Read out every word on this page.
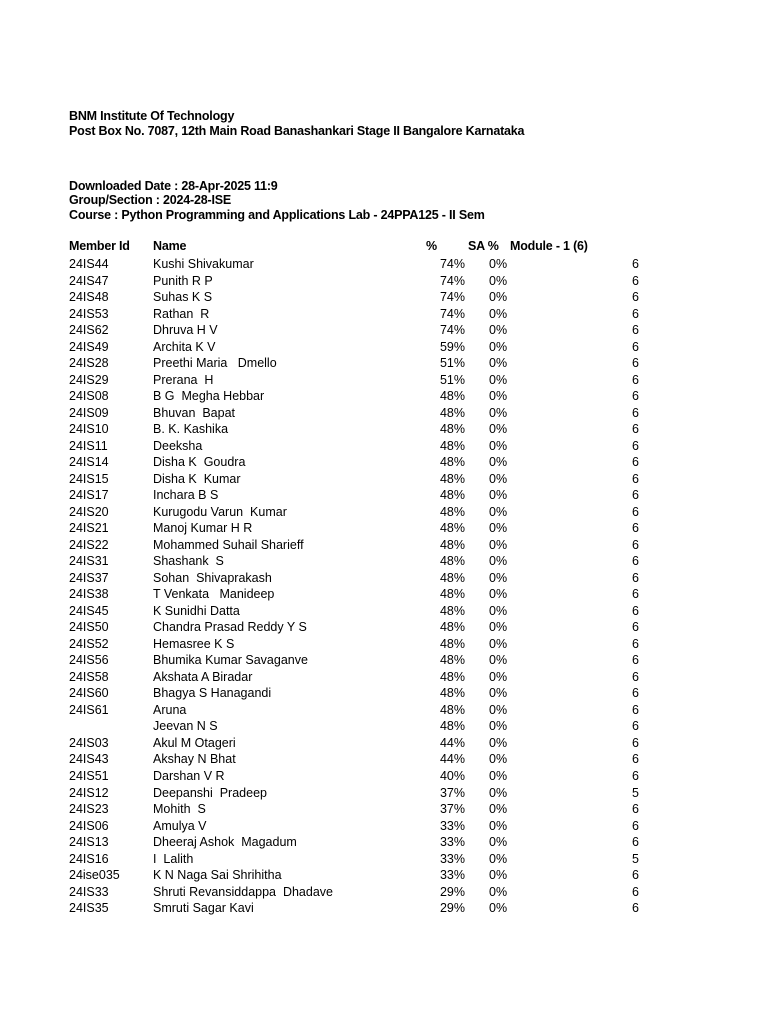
BNM Institute Of Technology
Post Box No. 7087, 12th Main Road Banashankari Stage II Bangalore Karnataka
Downloaded Date : 28-Apr-2025 11:9
Group/Section : 2024-28-ISE
Course : Python Programming and Applications Lab - 24PPA125 - II Sem
Member Id Name	% SA % Module - 1 (6)
24IS44	Kushi Shivakumar	74% 0%	6
24IS47	Punith R P	74% 0%	6
24IS48	Suhas K S	74% 0%	6
24IS53	Rathan  R	74% 0%	6
24IS62	Dhruva H V	74% 0%	6
24IS49	Archita K V	59% 0%	6
24IS28	Preethi Maria   Dmello	51% 0%	6
24IS29	Prerana  H	51% 0%	6
24IS08	B G  Megha Hebbar	48% 0%	6
24IS09	Bhuvan  Bapat	48% 0%	6
24IS10	B. K. Kashika	48% 0%	6
24IS11	Deeksha	48% 0%	6
24IS14	Disha K  Goudra	48% 0%	6
24IS15	Disha K  Kumar	48% 0%	6
24IS17	Inchara B S	48% 0%	6
24IS20	Kurugodu Varun  Kumar	48% 0%	6
24IS21	Manoj Kumar H R	48% 0%	6
24IS22	Mohammed Suhail Sharieff	48% 0%	6
24IS31	Shashank  S	48% 0%	6
24IS37	Sohan  Shivaprakash	48% 0%	6
24IS38	T Venkata   Manideep	48% 0%	6
24IS45	K Sunidhi Datta	48% 0%	6
24IS50	Chandra Prasad Reddy Y S	48% 0%	6
24IS52	Hemasree K S	48% 0%	6
24IS56	Bhumika Kumar Savaganve	48% 0%	6
24IS58	Akshata A Biradar	48% 0%	6
24IS60	Bhagya S Hanagandi	48% 0%	6
24IS61	Aruna	48% 0%	6
Jeevan N S	48% 0%	6
24IS03	Akul M Otageri	44% 0%	6
24IS43	Akshay N Bhat	44% 0%	6
24IS51	Darshan V R	40% 0%	6
24IS12	Deepanshi  Pradeep	37% 0%	5
24IS23	Mohith  S	37% 0%	6
24IS06	Amulya V	33% 0%	6
24IS13	Dheeraj Ashok  Magadum	33% 0%	6
24IS16	I  Lalith	33% 0%	5
24ise035	K N Naga Sai Shrihitha	33% 0%	6
24IS33	Shruti Revansiddappa  Dhadave	29% 0%	6
24IS35	Smruti Sagar Kavi	29% 0%	6
